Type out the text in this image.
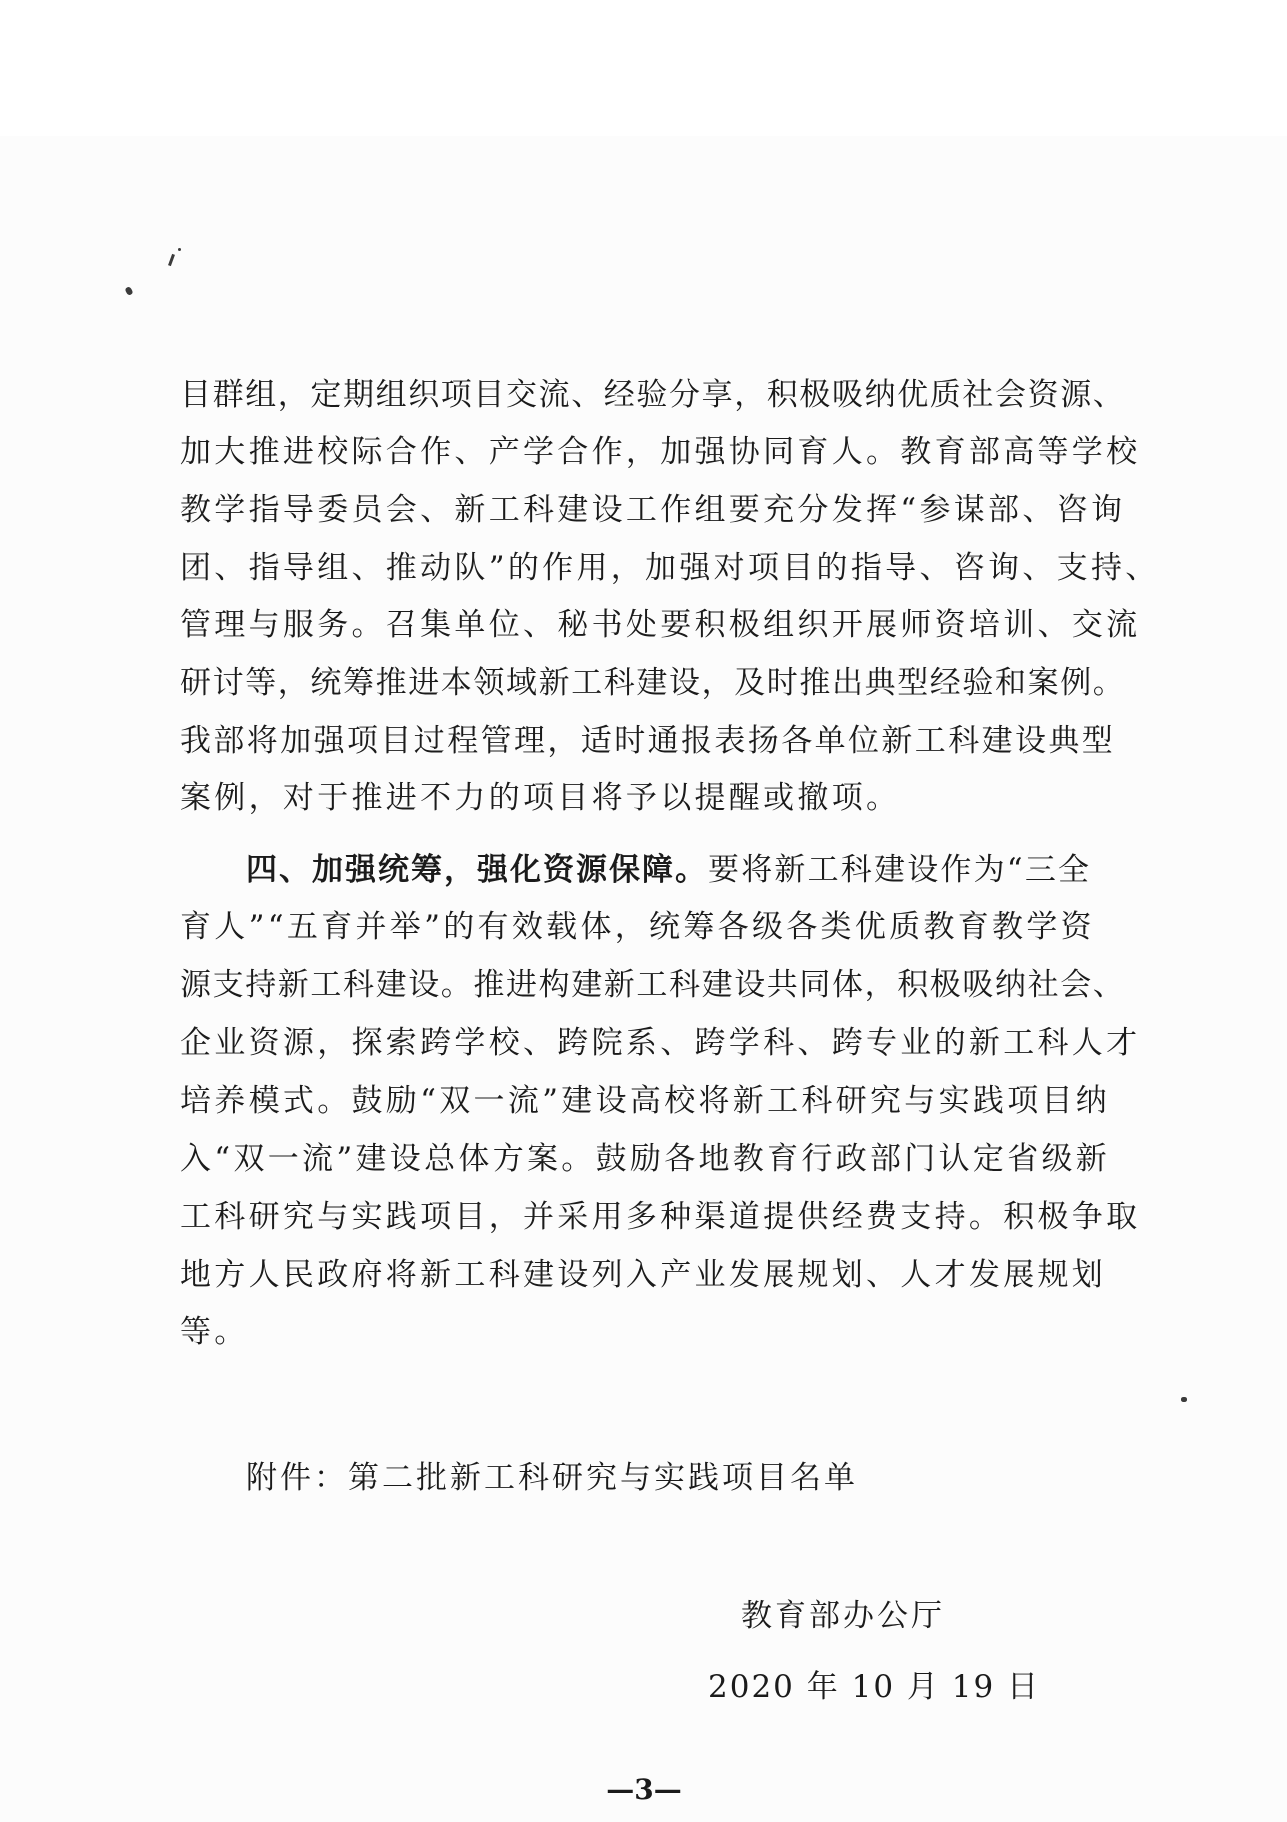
目群组，定期组织项目交流、经验分享，积极吸纳优质社会资源、
加大推进校际合作、产学合作，加强协同育人。教育部高等学校
教学指导委员会、新工科建设工作组要充分发挥“参谋部、咨询
团、指导组、推动队”的作用，加强对项目的指导、咨询、支持、
管理与服务。召集单位、秘书处要积极组织开展师资培训、交流
研讨等，统筹推进本领域新工科建设，及时推出典型经验和案例。
我部将加强项目过程管理，适时通报表扬各单位新工科建设典型
案例，对于推进不力的项目将予以提醒或撤项。
四、加强统筹，强化资源保障。要将新工科建设作为“三全
育人”“五育并举”的有效载体，统筹各级各类优质教育教学资
源支持新工科建设。推进构建新工科建设共同体，积极吸纳社会、
企业资源，探索跨学校、跨院系、跨学科、跨专业的新工科人才
培养模式。鼓励“双一流”建设高校将新工科研究与实践项目纳
入“双一流”建设总体方案。鼓励各地教育行政部门认定省级新
工科研究与实践项目，并采用多种渠道提供经费支持。积极争取
地方人民政府将新工科建设列入产业发展规划、人才发展规划
等。
附件：第二批新工科研究与实践项目名单
教育部办公厅
2020 年 10 月 19 日
—3—
